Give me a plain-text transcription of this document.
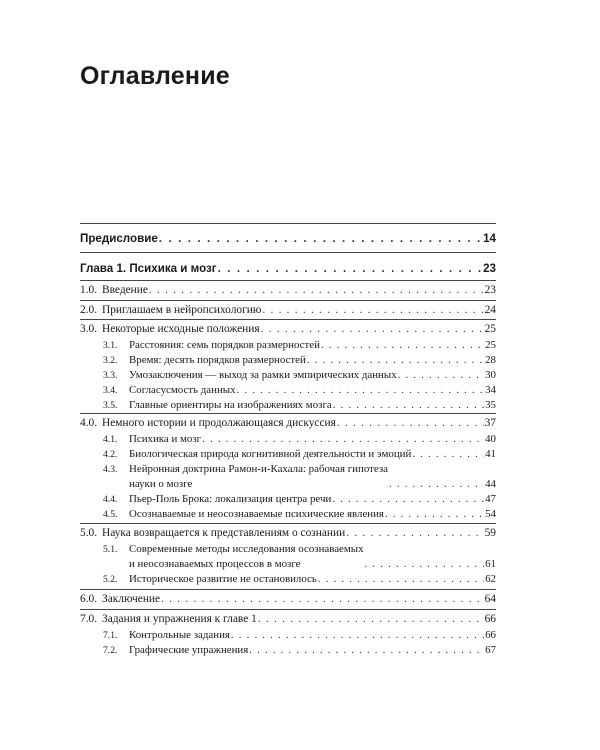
Оглавление
Предисловие . . .	14
Глава 1. Психика и мозг . . .	23
1.0. Введение . . .	23
2.0. Приглашаем в нейропсихологию . . .	24
3.0. Некоторые исходные положения . . .	25
3.1.	Расстояния: семь порядков размерностей . . .	25
3.2.	Время: десять порядков размерностей . . .	28
3.3.	Умозаключения — выход за рамки эмпирических данных . . .	30
3.4.	Согласусмость данных . . .	34
3.5.	Главные ориентиры на изображениях мозга . . .	35
4.0. Немного истории и продолжающаяся дискуссия . . .	37
4.1.	Психика и мозг . . .	40
4.2.	Биологическая природа когнитивной деятельности и эмоций . . .	41
4.3.	Нейронная доктрина Рамон-и-Кахала: рабочая гипотеза
науки о мозге . . .	44
4.4.	Пьер-Поль Брока: локализация центра речи . . .	47
4.5.	Осознаваемые и неосознаваемые психические явления . . .	54
5.0. Наука возвращается к представлениям о сознании . . .	59
5.1.	Современные методы исследования осознаваемых
и неосознаваемых процессов в мозге . . .	61
5.2.	Историческое развитие не остановилось . . .	62
6.0. Заключение . . .	64
7.0. Задания и упражнения к главе 1 . . .	66
7.1.	Контрольные задания . . .	66
7.2.	Графические упражнения . . .	67
